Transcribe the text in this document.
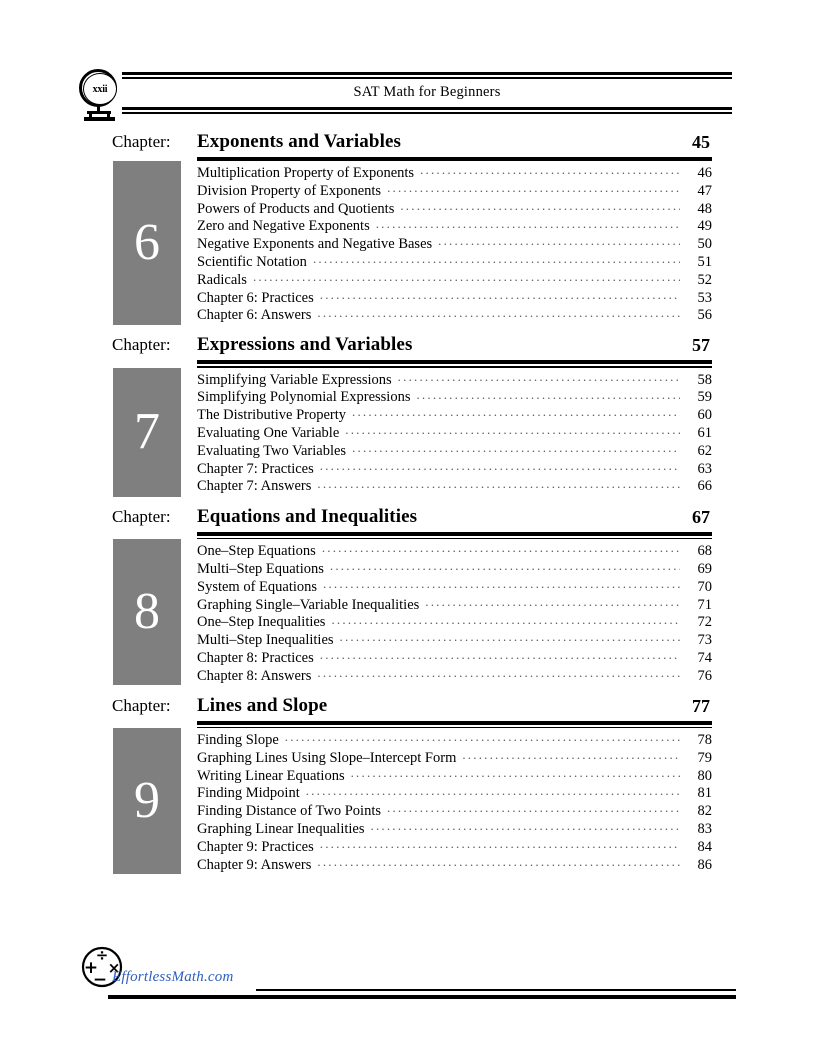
xxii	SAT Math for Beginners
Chapter:	Exponents and Variables	45
6
Multiplication Property of Exponents .....	46
Division Property of Exponents .....	47
Powers of Products and Quotients .....	48
Zero and Negative Exponents .....	49
Negative Exponents and Negative Bases .....	50
Scientific Notation .....	51
Radicals .....	52
Chapter 6: Practices .....	53
Chapter 6: Answers .....	56
Chapter:	Expressions and Variables	57
7
Simplifying Variable Expressions .....	58
Simplifying Polynomial Expressions .....	59
The Distributive Property .....	60
Evaluating One Variable .....	61
Evaluating Two Variables .....	62
Chapter 7: Practices .....	63
Chapter 7: Answers .....	66
Chapter:	Equations and Inequalities	67
8
One–Step Equations .....	68
Multi–Step Equations .....	69
System of Equations .....	70
Graphing Single–Variable Inequalities .....	71
One–Step Inequalities .....	72
Multi–Step Inequalities .....	73
Chapter 8: Practices .....	74
Chapter 8: Answers .....	76
Chapter:	Lines and Slope	77
9
Finding Slope .....	78
Graphing Lines Using Slope–Intercept Form .....	79
Writing Linear Equations .....	80
Finding Midpoint .....	81
Finding Distance of Two Points .....	82
Graphing Linear Inequalities .....	83
Chapter 9: Practices .....	84
Chapter 9: Answers .....	86
÷
+ ×
− EffortlessMath.com
